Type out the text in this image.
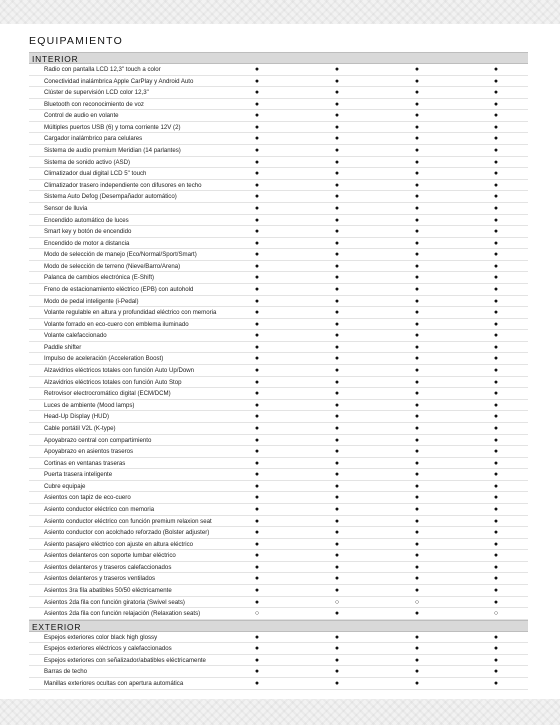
EQUIPAMIENTO
INTERIOR
Radio con pantalla LCD 12,3" touch a color	●	●	●	●
Conectividad inalámbrica Apple CarPlay y Android Auto	●	●	●	●
Clúster de supervisión LCD color 12,3"	●	●	●	●
Bluetooth con reconocimiento de voz	●	●	●	●
Control de audio en volante	●	●	●	●
Múltiples puertos USB (6) y toma corriente 12V (2)	●	●	●	●
Cargador inalámbrico para celulares	●	●	●	●
Sistema de audio premium Meridian (14 parlantes)	●	●	●	●
Sistema de sonido activo (ASD)	●	●	●	●
Climatizador dual digital LCD 5" touch	●	●	●	●
Climatizador trasero independiente con difusores en techo	●	●	●	●
Sistema Auto Defog (Desempañador automático)	●	●	●	●
Sensor de lluvia	●	●	●	●
Encendido automático de luces	●	●	●	●
Smart key y botón de encendido	●	●	●	●
Encendido de motor a distancia	●	●	●	●
Modo de selección de manejo (Eco/Normal/Sport/Smart)	●	●	●	●
Modo de selección de terreno (Nieve/Barro/Arena)	●	●	●	●
Palanca de cambios electrónica (E-Shift)	●	●	●	●
Freno de estacionamiento eléctrico (EPB) con autohold	●	●	●	●
Modo de pedal inteligente (i-Pedal)	●	●	●	●
Volante regulable en altura y profundidad eléctrico con memoria	●	●	●	●
Volante forrado en eco-cuero con emblema iluminado	●	●	●	●
Volante calefaccionado	●	●	●	●
Paddle shifter	●	●	●	●
Impulso de aceleración (Acceleration Boost)	●	●	●	●
Alzavidrios eléctricos totales con función Auto Up/Down	●	●	●	●
Alzavidrios eléctricos totales con función Auto Stop	●	●	●	●
Retrovisor electrocromático digital (ECM/DCM)	●	●	●	●
Luces de ambiente (Mood lamps)	●	●	●	●
Head-Up Display (HUD)	●	●	●	●
Cable portátil V2L (K-type)	●	●	●	●
Apoyabrazo central con compartimiento	●	●	●	●
Apoyabrazo en asientos traseros	●	●	●	●
Cortinas en ventanas traseras	●	●	●	●
Puerta trasera inteligente	●	●	●	●
Cubre equipaje	●	●	●	●
Asientos con tapiz de eco-cuero	●	●	●	●
Asiento conductor eléctrico con memoria	●	●	●	●
Asiento conductor eléctrico con función premium relaxion seat	●	●	●	●
Asiento conductor con acolchado reforzado (Bolster adjuster)	●	●	●	●
Asiento pasajero eléctrico con ajuste en altura eléctrico	●	●	●	●
Asientos delanteros con soporte lumbar eléctrico	●	●	●	●
Asientos delanteros y traseros calefaccionados	●	●	●	●
Asientos delanteros y traseros ventilados	●	●	●	●
Asientos 3ra fila abatibles 50/50 eléctricamente	●	●	●	●
Asientos 2da fila con función giratoria (Swivel seats)	●	○	○	●
Asientos 2da fila con función relajación (Relaxation seats)	○	●	●	○
EXTERIOR
Espejos exteriores color black high glossy	●	●	●	●
Espejos exteriores eléctricos y calefaccionados	●	●	●	●
Espejos exteriores con señalizador/abatibles eléctricamente	●	●	●	●
Barras de techo	●	●	●	●
Manillas exteriores ocultas con apertura automática	●	●	●	●
